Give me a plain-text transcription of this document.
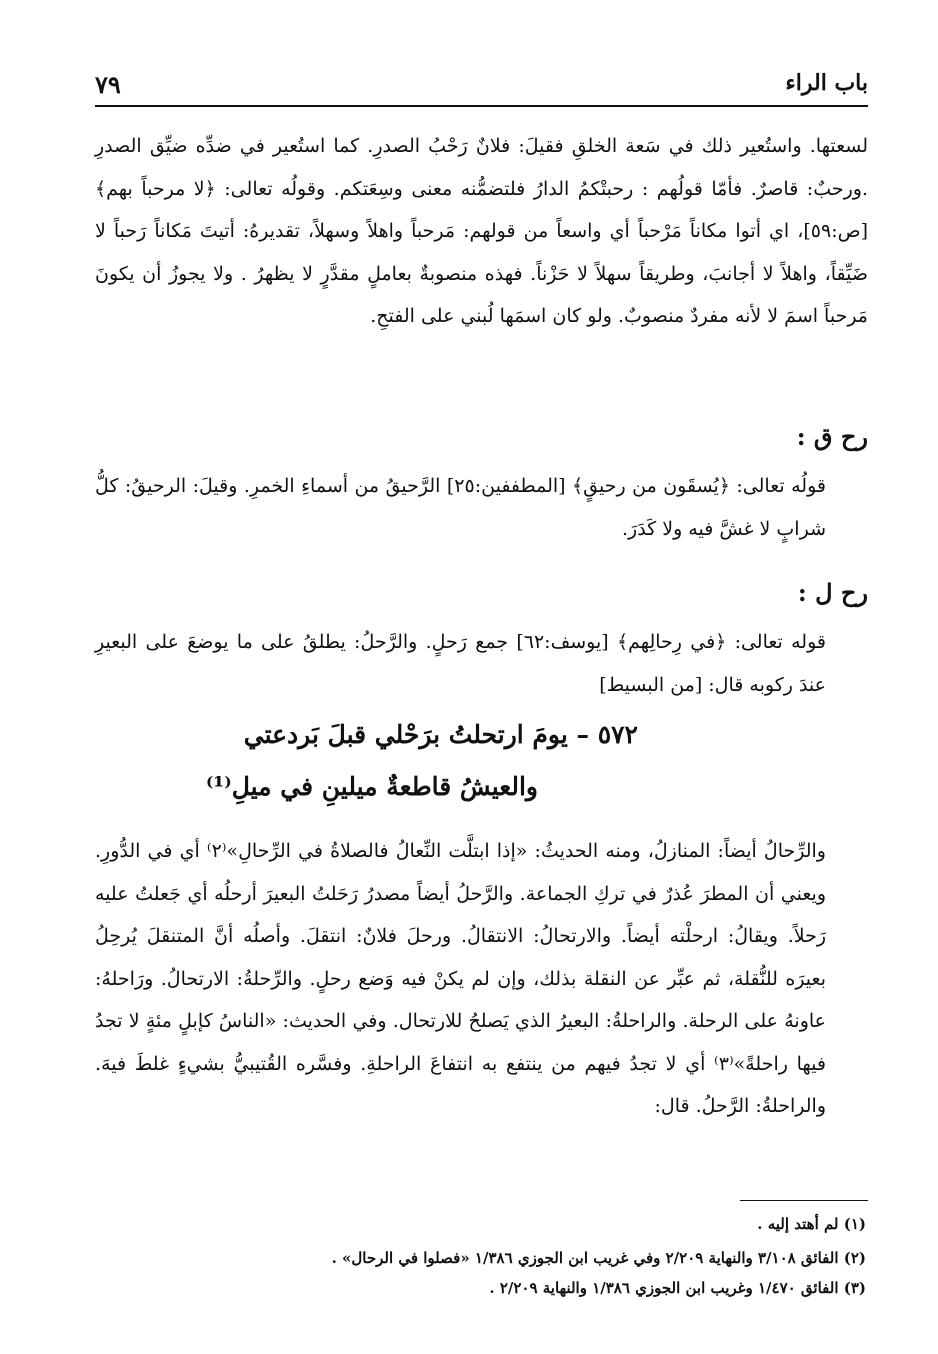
باب الراء
٧٩
لسعتها. واستُعير ذلك في سَعة الخلقِ فقيلَ: فلانٌ رَحْبُ الصدرِ. كما استُعير في ضدِّه ضيِّق الصدرِ .ورحبٌ: قاصرٌ. فأمّا قولُهم : رحبتْكمُ الدارُ فلتضمُّنه معنى وسِعَتكم. وقولُه تعالى: ﴿لا مرحباً بهم﴾ [ص:٥٩]، اي أتوا مكاناً مَرْحباً أي واسعاً من قولهم: مَرحباً واهلاً وسهلاً، تقديرهُ: أتيتَ مَكاناً رَحباً لا ضَيِّقاً، واهلاً لا أجانبَ، وطريقاً سهلاً لا حَزْناً. فهذه منصوبةٌ بعاملٍ مقدَّرٍ لا يظهرُ . ولا يجوزُ أن يكونَ مَرحباً اسمَ لا لأنه مفردٌ منصوبٌ. ولو كان اسمَها لُبني على الفتحِ.
رح ق :
قولُه تعالى: ﴿يُسقَون من رحيقٍ﴾ [المطففين:٢٥] الرَّحيقُ من أسماءِ الخمرِ. وقيلَ: الرحيقُ: كلُّ شرابٍ لا غشَّ فيه ولا كَدَرَ.
رح ل :
قوله تعالى: ﴿في رِحالِهم﴾ [يوسف:٦٢] جمع رَحلٍ. والرَّحلُ: يطلقُ على ما يوضعَ على البعيرِ عندَ ركوبه قال: [من البسيط]
٥٧٢ – يومَ ارتحلتُ برَحْلي قبلَ بَردعتي
والعيشُ قاطعةٌ ميلينِ في ميلِ⁽¹⁾
والرِّحالُ أيضاً: المنازلُ، ومنه الحديثُ: «إذا ابتلَّت النِّعالُ فالصلاةُ في الرِّحالِ»⁽٢⁾ أي في الدُّورِ. ويعني أن المطرَ عُذرٌ في تركِ الجماعة. والرَّحلُ أيضاً مصدرُ رَحَلتُ البعيرَ أرحلُه أي جَعلتُ عليه رَحلاً. ويقالُ: ارحلْته أيضاً. والارتحالُ: الانتقالُ. ورحلَ فلانٌ: انتقلَ. وأصلُه أنَّ المتنقلَ يُرحِلُ بعيرَه للنُّقلة، ثم عبِّر عن النقلة بذلك، وإن لم يكنْ فيه وَضع رحلٍ. والرِّحلةُ: الارتحالُ. ورَاحلهُ: عاونهُ على الرحلة. والراحلةُ: البعيرُ الذي يَصلحُ للارتحال. وفي الحديث: «الناسُ كإبلٍ مئةٍ لا تجدُ فيها راحلةً»⁽٣⁾ أي لا تجدُ فيهم من ينتفع به انتفاعَ الراحلةِ. وفسَّره القُتيبيُّ بشيءٍ غلطَ فيهَ. والراحلةُ: الرَّحلُ. قال:
(١) لم أهتد إليه .
(٢) الفائق ٣/١٠٨ والنهاية ٢/٢٠٩ وفي غريب ابن الجوزي ١/٣٨٦ «فصلوا في الرحال» .
(٣) الفائق ١/٤٧٠ وغريب ابن الجوزي ١/٣٨٦ والنهاية ٢/٢٠٩ .
